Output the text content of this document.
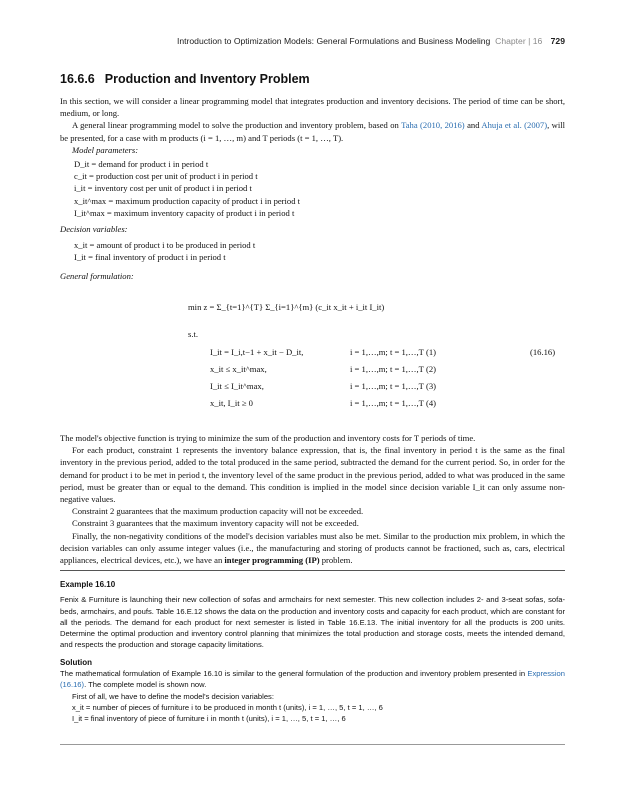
Introduction to Optimization Models: General Formulations and Business Modeling Chapter | 16 729
16.6.6 Production and Inventory Problem

In this section, we will consider a linear programming model that integrates production and inventory decisions. The period of time can be short, medium, or long.

A general linear programming model to solve the production and inventory problem, based on Taha (2010, 2016) and Ahuja et al. (2007), will be presented, for a case with m products (i = 1, …, m) and T periods (t = 1, …, T).

Model parameters:

D_it = demand for product i in period t
c_it = production cost per unit of product i in period t
i_it = inventory cost per unit of product i in period t
x_it^max = maximum production capacity of product i in period t
I_it^max = maximum inventory capacity of product i in period t

Decision variables:

x_it = amount of product i to be produced in period t
I_it = final inventory of product i in period t

General formulation:

min z = Σ_{t=1}^{T} Σ_{i=1}^{m} (c_it x_it + i_it I_it)
s.t.
I_it = I_i,t−1 + x_it − D_it,	i = 1,…,m; t = 1,…,T (1)
x_it ≤ x_it^max,	i = 1,…,m; t = 1,…,T (2)
I_it ≤ I_it^max,	i = 1,…,m; t = 1,…,T (3)
x_it, I_it ≥ 0	i = 1,…,m; t = 1,…,T (4)
(16.16)

The model's objective function is trying to minimize the sum of the production and inventory costs for T periods of time.

For each product, constraint 1 represents the inventory balance expression, that is, the final inventory in period t is the same as the final inventory in the previous period, added to the total produced in the same period, subtracted the demand for the current period. So, in order for the demand for product i to be met in period t, the inventory level of the same product in the previous period, added to what was produced in the same period, must be greater than or equal to the demand. This condition is implied in the model since decision variable I_it can only assume non-negative values.

Constraint 2 guarantees that the maximum production capacity will not be exceeded.

Constraint 3 guarantees that the maximum inventory capacity will not be exceeded.

Finally, the non-negativity conditions of the model's decision variables must also be met. Similar to the production mix problem, in which the decision variables can only assume integer values (i.e., the manufacturing and storing of products cannot be fractioned, such as, cars, electrical appliances, electrical devices, etc.), we have an integer programming (IP) problem.

Example 16.10

Fenix & Furniture is launching their new collection of sofas and armchairs for next semester. This new collection includes 2- and 3-seat sofas, sofa-beds, armchairs, and poufs. Table 16.E.12 shows the data on the production and inventory costs and capacity for each product, which are constant for all the periods. The demand for each product for next semester is listed in Table 16.E.13. The initial inventory for all the products is 200 units. Determine the optimal production and inventory control planning that minimizes the total production and storage costs, meets the intended demand, and respects the production and storage capacity limitations.

Solution

The mathematical formulation of Example 16.10 is similar to the general formulation of the production and inventory problem presented in Expression (16.16). The complete model is shown now.

First of all, we have to define the model's decision variables:

x_it = number of pieces of furniture i to be produced in month t (units), i = 1, …, 5, t = 1, …, 6
I_it = final inventory of piece of furniture i in month t (units), i = 1, …, 5, t = 1, …, 6
